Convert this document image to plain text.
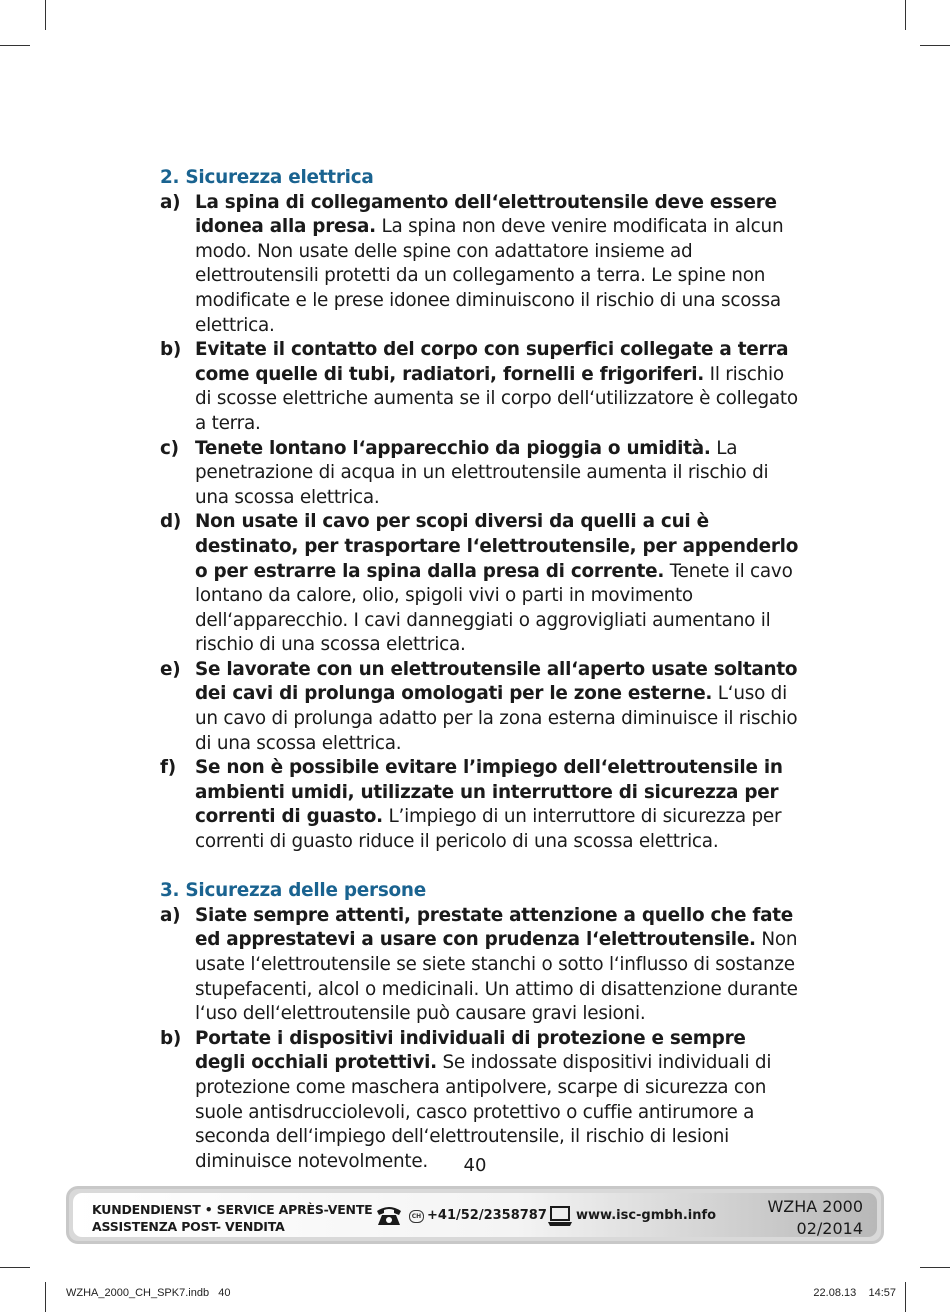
2. Sicurezza elettrica
a) La spina di collegamento dell‘elettroutensile deve essere idonea alla presa. La spina non deve venire modificata in alcun modo. Non usate delle spine con adattatore insieme ad elettroutensili protetti da un collegamento a terra. Le spine non modificate e le prese idonee diminuiscono il rischio di una scossa elettrica.
b) Evitate il contatto del corpo con superfici collegate a terra come quelle di tubi, radiatori, fornelli e frigoriferi. Il rischio di scosse elettriche aumenta se il corpo dell‘utilizzatore è collegato a terra.
c) Tenete lontano l‘apparecchio da pioggia o umidità. La penetrazione di acqua in un elettroutensile aumenta il rischio di una scossa elettrica.
d) Non usate il cavo per scopi diversi da quelli a cui è destinato, per trasportare l‘elettroutensile, per appenderlo o per estrarre la spina dalla presa di corrente. Tenete il cavo lontano da calore, olio, spigoli vivi o parti in movimento dell‘apparecchio. I cavi danneggiati o aggrovigliati aumentano il rischio di una scossa elettrica.
e) Se lavorate con un elettroutensile all‘aperto usate soltanto dei cavi di prolunga omologati per le zone esterne. L‘uso di un cavo di prolunga adatto per la zona esterna diminuisce il rischio di una scossa elettrica.
f)	Se non è possibile evitare l’impiego dell‘elettroutensile in ambienti umidi, utilizzate un interruttore di sicurezza per correnti di guasto. L’impiego di un interruttore di sicurezza per correnti di guasto riduce il pericolo di una scossa elettrica.
3. Sicurezza delle persone
a) Siate sempre attenti, prestate attenzione a quello che fate ed apprestatevi a usare con prudenza l‘elettroutensile. Non usate l‘elettroutensile se siete stanchi o sotto l‘influsso di sostanze stupefacenti, alcol o medicinali. Un attimo di disattenzione durante l‘uso dell‘elettroutensile può causare gravi lesioni.
b) Portate i dispositivi individuali di protezione e sempre degli occhiali protettivi. Se indossate dispositivi individuali di protezione come maschera antipolvere, scarpe di sicurezza con suole antisdrucciolevoli, casco protettivo o cuffie antirumore a seconda dell‘impiego dell‘elettroutensile, il rischio di lesioni diminuisce notevolmente.	40
KUNDENDIENST • SERVICE APRÈS-VENTE
ASSISTENZA POST- VENDITA
CH +41/52/2358787 www.isc-gmbh.info	WZHA 2000
02/2014
WZHA_2000_CH_SPK7.indb   40	22.08.13    14:57
